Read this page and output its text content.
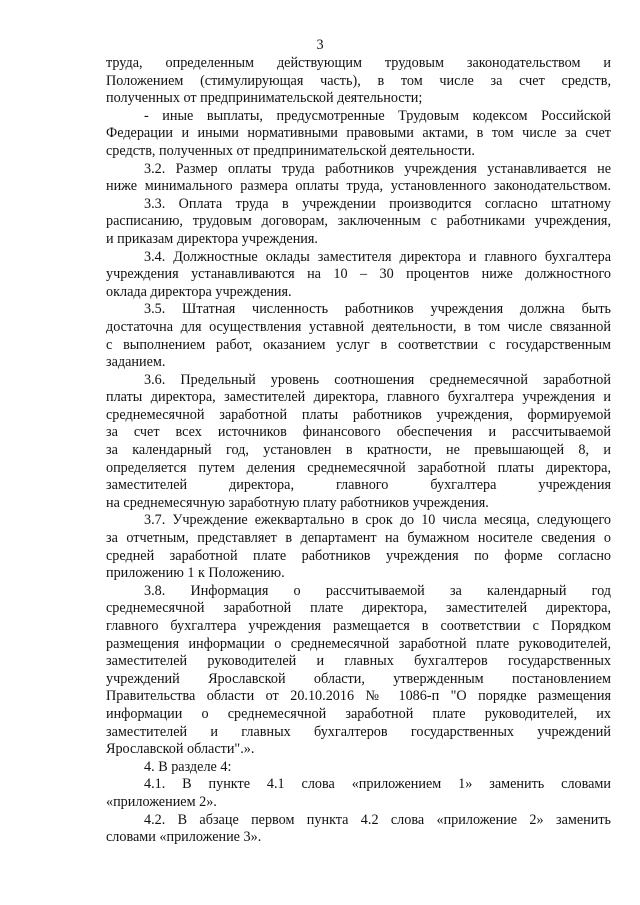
3

труда, определенным действующим трудовым законодательством и
Положением (стимулирующая часть), в том числе за счет средств,
полученных от предпринимательской деятельности;

- иные выплаты, предусмотренные Трудовым кодексом Российской
Федерации и иными нормативными правовыми актами, в том числе за счет
средств, полученных от предпринимательской деятельности.

3.2. Размер оплаты труда работников учреждения устанавливается не
ниже минимального размера оплаты труда, установленного законодательством.

3.3. Оплата труда в учреждении производится согласно штатному
расписанию, трудовым договорам, заключенным с работниками учреждения,
и приказам директора учреждения.

3.4. Должностные оклады заместителя директора и главного бухгалтера
учреждения устанавливаются на 10 – 30 процентов ниже должностного
оклада директора учреждения.

3.5. Штатная численность работников учреждения должна быть
достаточна для осуществления уставной деятельности, в том числе связанной
с выполнением работ, оказанием услуг в соответствии с государственным
заданием.

3.6. Предельный уровень соотношения среднемесячной заработной
платы директора, заместителей директора, главного бухгалтера учреждения и
среднемесячной заработной платы работников учреждения, формируемой
за счет всех источников финансового обеспечения и рассчитываемой
за календарный год, установлен в кратности, не превышающей 8, и
определяется путем деления среднемесячной заработной платы директора,
заместителей директора, главного бухгалтера учреждения
на среднемесячную заработную плату работников учреждения.

3.7. Учреждение ежеквартально в срок до 10 числа месяца, следующего
за отчетным, представляет в департамент на бумажном носителе сведения о
средней заработной плате работников учреждения по форме согласно
приложению 1 к Положению.

3.8. Информация о рассчитываемой за календарный год
среднемесячной заработной плате директора, заместителей директора,
главного бухгалтера учреждения размещается в соответствии с Порядком
размещения информации о среднемесячной заработной плате руководителей,
заместителей руководителей и главных бухгалтеров государственных
учреждений Ярославской области, утвержденным постановлением
Правительства области от 20.10.2016 № 1086-п "О порядке размещения
информации о среднемесячной заработной плате руководителей, их
заместителей и главных бухгалтеров государственных учреждений
Ярославской области".».

4. В разделе 4:

4.1. В пункте 4.1 слова «приложением 1» заменить словами
«приложением 2».

4.2. В абзаце первом пункта 4.2 слова «приложение 2» заменить
словами «приложение 3».
